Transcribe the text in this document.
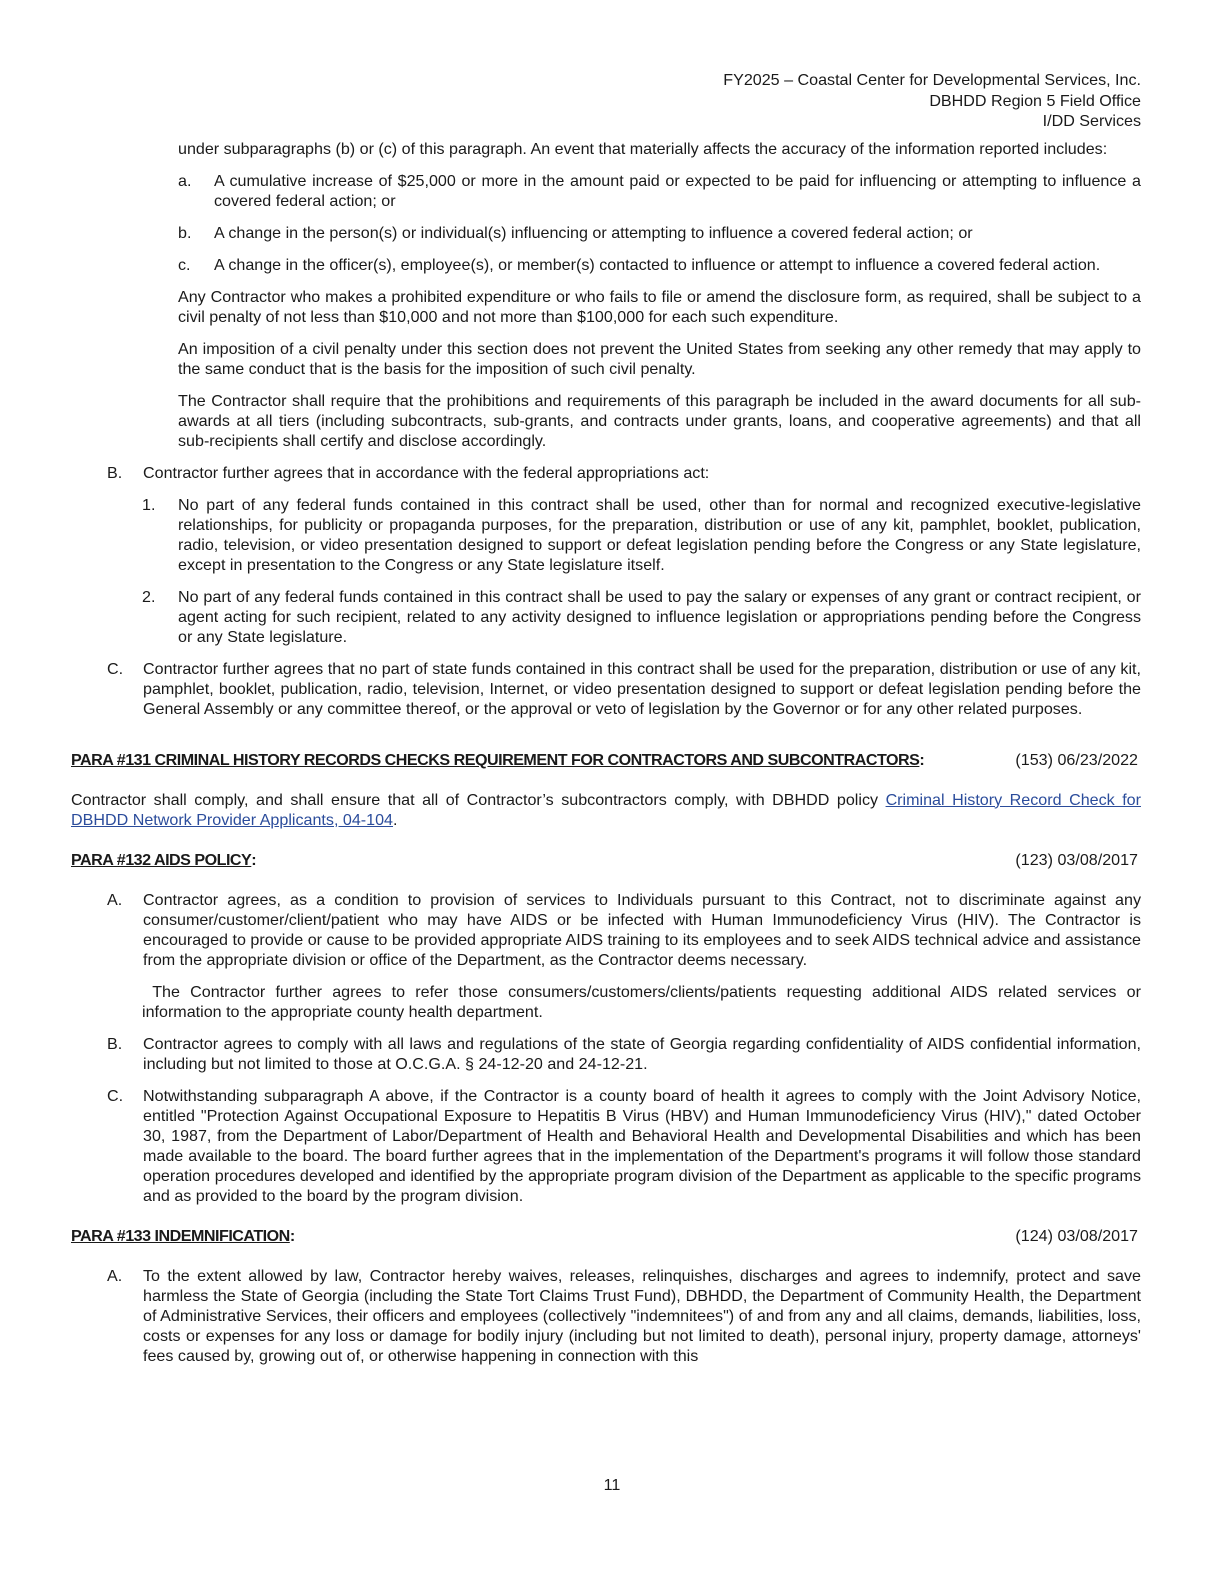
FY2025 – Coastal Center for Developmental Services, Inc.
DBHDD Region 5 Field Office
I/DD Services

under subparagraphs (b) or (c) of this paragraph. An event that materially affects the accuracy of the information reported includes:

a.	A cumulative increase of $25,000 or more in the amount paid or expected to be paid for influencing or attempting to influence a covered federal action; or
b.	A change in the person(s) or individual(s) influencing or attempting to influence a covered federal action; or
c.	A change in the officer(s), employee(s), or member(s) contacted to influence or attempt to influence a covered federal action.

Any Contractor who makes a prohibited expenditure or who fails to file or amend the disclosure form, as required, shall be subject to a civil penalty of not less than $10,000 and not more than $100,000 for each such expenditure.

An imposition of a civil penalty under this section does not prevent the United States from seeking any other remedy that may apply to the same conduct that is the basis for the imposition of such civil penalty.

The Contractor shall require that the prohibitions and requirements of this paragraph be included in the award documents for all sub-awards at all tiers (including subcontracts, sub-grants, and contracts under grants, loans, and cooperative agreements) and that all sub-recipients shall certify and disclose accordingly.

B.	Contractor further agrees that in accordance with the federal appropriations act:
1.	No part of any federal funds contained in this contract shall be used, other than for normal and recognized executive-legislative relationships, for publicity or propaganda purposes, for the preparation, distribution or use of any kit, pamphlet, booklet, publication, radio, television, or video presentation designed to support or defeat legislation pending before the Congress or any State legislature, except in presentation to the Congress or any State legislature itself.
2.	No part of any federal funds contained in this contract shall be used to pay the salary or expenses of any grant or contract recipient, or agent acting for such recipient, related to any activity designed to influence legislation or appropriations pending before the Congress or any State legislature.
C.	Contractor further agrees that no part of state funds contained in this contract shall be used for the preparation, distribution or use of any kit, pamphlet, booklet, publication, radio, television, Internet, or video presentation designed to support or defeat legislation pending before the General Assembly or any committee thereof, or the approval or veto of legislation by the Governor or for any other related purposes.
PARA #131 CRIMINAL HISTORY RECORDS CHECKS REQUIREMENT FOR CONTRACTORS AND SUBCONTRACTORS:	(153) 06/23/2022

Contractor shall comply, and shall ensure that all of Contractor’s subcontractors comply, with DBHDD policy Criminal History Record Check for DBHDD Network Provider Applicants, 04-104.

PARA #132 AIDS POLICY:	(123) 03/08/2017
A.	Contractor agrees, as a condition to provision of services to Individuals pursuant to this Contract, not to discriminate against any consumer/customer/client/patient who may have AIDS or be infected with Human Immunodeficiency Virus (HIV). The Contractor is encouraged to provide or cause to be provided appropriate AIDS training to its employees and to seek AIDS technical advice and assistance from the appropriate division or office of the Department, as the Contractor deems necessary.

The Contractor further agrees to refer those consumers/customers/clients/patients requesting additional AIDS related services or information to the appropriate county health department.

B.	Contractor agrees to comply with all laws and regulations of the state of Georgia regarding confidentiality of AIDS confidential information, including but not limited to those at O.C.G.A. § 24-12-20 and 24-12-21.
C.	Notwithstanding subparagraph A above, if the Contractor is a county board of health it agrees to comply with the Joint Advisory Notice, entitled "Protection Against Occupational Exposure to Hepatitis B Virus (HBV) and Human Immunodeficiency Virus (HIV)," dated October 30, 1987, from the Department of Labor/Department of Health and Behavioral Health and Developmental Disabilities and which has been made available to the board. The board further agrees that in the implementation of the Department's programs it will follow those standard operation procedures developed and identified by the appropriate program division of the Department as applicable to the specific programs and as provided to the board by the program division.
PARA #133 INDEMNIFICATION:	(124) 03/08/2017
A.	To the extent allowed by law, Contractor hereby waives, releases, relinquishes, discharges and agrees to indemnify, protect and save harmless the State of Georgia (including the State Tort Claims Trust Fund), DBHDD, the Department of Community Health, the Department of Administrative Services, their officers and employees (collectively "indemnitees") of and from any and all claims, demands, liabilities, loss, costs or expenses for any loss or damage for bodily injury (including but not limited to death), personal injury, property damage, attorneys' fees caused by, growing out of, or otherwise happening in connection with this
11
